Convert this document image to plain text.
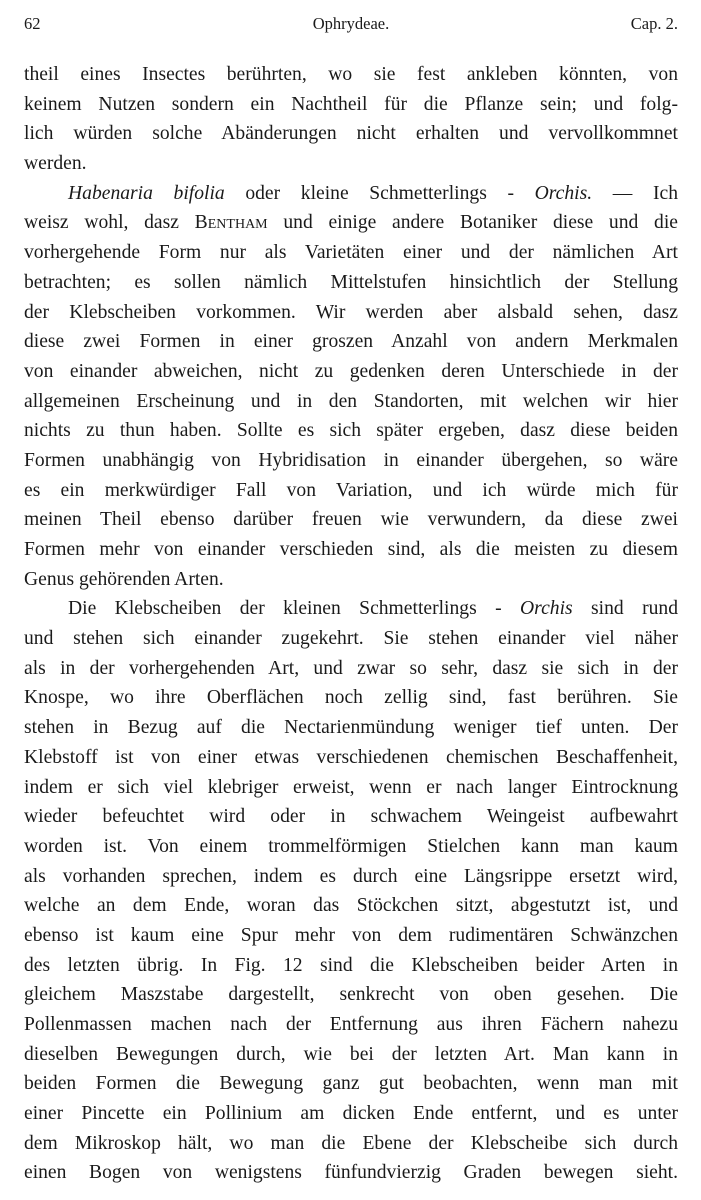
62	Ophrydeae.	Cap. 2.
theil eines Insectes berührten, wo sie fest ankleben könnten, von
keinem Nutzen sondern ein Nachtheil für die Pflanze sein; und folg-
lich würden solche Abänderungen nicht erhalten und vervollkommnet
werden.
Habenaria bifolia oder kleine Schmetterlings - Orchis. — Ich
weisz wohl, dasz Bentham und einige andere Botaniker diese und die
vorhergehende Form nur als Varietäten einer und der nämlichen Art
betrachten; es sollen nämlich Mittelstufen hinsichtlich der Stellung
der Klebscheiben vorkommen. Wir werden aber alsbald sehen, dasz
diese zwei Formen in einer groszen Anzahl von andern Merkmalen
von einander abweichen, nicht zu gedenken deren Unterschiede in der
allgemeinen Erscheinung und in den Standorten, mit welchen wir hier
nichts zu thun haben. Sollte es sich später ergeben, dasz diese beiden
Formen unabhängig von Hybridisation in einander übergehen, so wäre
es ein merkwürdiger Fall von Variation, und ich würde mich für
meinen Theil ebenso darüber freuen wie verwundern, da diese zwei
Formen mehr von einander verschieden sind, als die meisten zu diesem
Genus gehörenden Arten.
Die Klebscheiben der kleinen Schmetterlings - Orchis sind rund
und stehen sich einander zugekehrt. Sie stehen einander viel näher
als in der vorhergehenden Art, und zwar so sehr, dasz sie sich in der
Knospe, wo ihre Oberflächen noch zellig sind, fast berühren. Sie
stehen in Bezug auf die Nectarienmündung weniger tief unten. Der
Klebstoff ist von einer etwas verschiedenen chemischen Beschaffenheit,
indem er sich viel klebriger erweist, wenn er nach langer Eintrocknung
wieder befeuchtet wird oder in schwachem Weingeist aufbewahrt
worden ist. Von einem trommelförmigen Stielchen kann man kaum
als vorhanden sprechen, indem es durch eine Längsrippe ersetzt wird,
welche an dem Ende, woran das Stöckchen sitzt, abgestutzt ist, und
ebenso ist kaum eine Spur mehr von dem rudimentären Schwänzchen
des letzten übrig. In Fig. 12 sind die Klebscheiben beider Arten in
gleichem Maszstabe dargestellt, senkrecht von oben gesehen. Die
Pollenmassen machen nach der Entfernung aus ihren Fächern nahezu
dieselben Bewegungen durch, wie bei der letzten Art. Man kann in
beiden Formen die Bewegung ganz gut beobachten, wenn man mit
einer Pincette ein Pollinium am dicken Ende entfernt, und es unter
dem Mikroskop hält, wo man die Ebene der Klebscheibe sich durch
einen Bogen von wenigstens fünfundvierzig Graden bewegen sieht.
